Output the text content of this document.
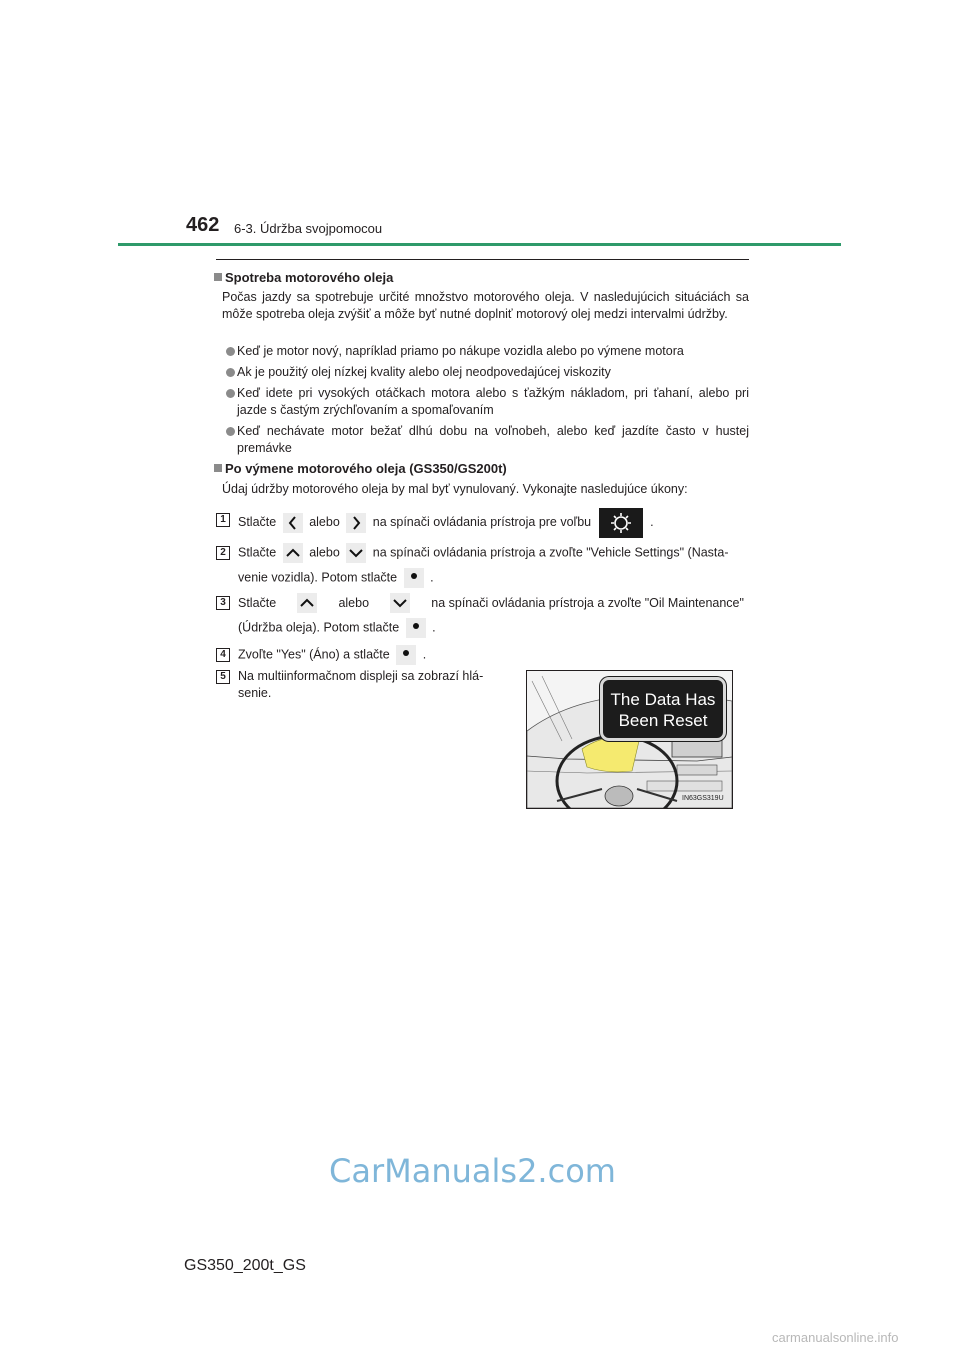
462 6-3. Údržba svojpomocou
Spotreba motorového oleja
Počas jazdy sa spotrebuje určité množstvo motorového oleja. V nasledujúcich situáciách sa môže spotreba oleja zvýšiť a môže byť nutné doplniť motorový olej medzi intervalmi údržby.
Keď je motor nový, napríklad priamo po nákupe vozidla alebo po výmene motora
Ak je použitý olej nízkej kvality alebo olej neodpovedajúcej viskozity
Keď idete pri vysokých otáčkach motora alebo s ťažkým nákladom, pri ťahaní, alebo pri jazde s častým zrýchľovaním a spomaľovaním
Keď nechávate motor bežať dlhú dobu na voľnobeh, alebo keď jazdíte často v hustej premávke
Po výmene motorového oleja (GS350/GS200t)
Údaj údržby motorového oleja by mal byť vynulovaný. Vykonajte nasledujúce úkony:
1 Stlačte	alebo	na spínači ovládania prístroja pre voľbu	.
2 Stlačte	alebo	na spínači ovládania prístroja a zvoľte "Vehicle Settings" (Nasta-
venie vozidla). Potom stlačte	.
3 Stlačte	alebo	na spínači ovládania prístroja a zvoľte "Oil Maintenance"
(Údržba oleja). Potom stlačte	.
4 Zvoľte "Yes" (Áno) a stlačte	.
5 Na multiinformačnom displeji sa zobrazí hlá-
senie.	The Data Has
Been Reset
IN63GS319U
CarManuals2.com
GS350_200t_GS
carmanualsonline.info
